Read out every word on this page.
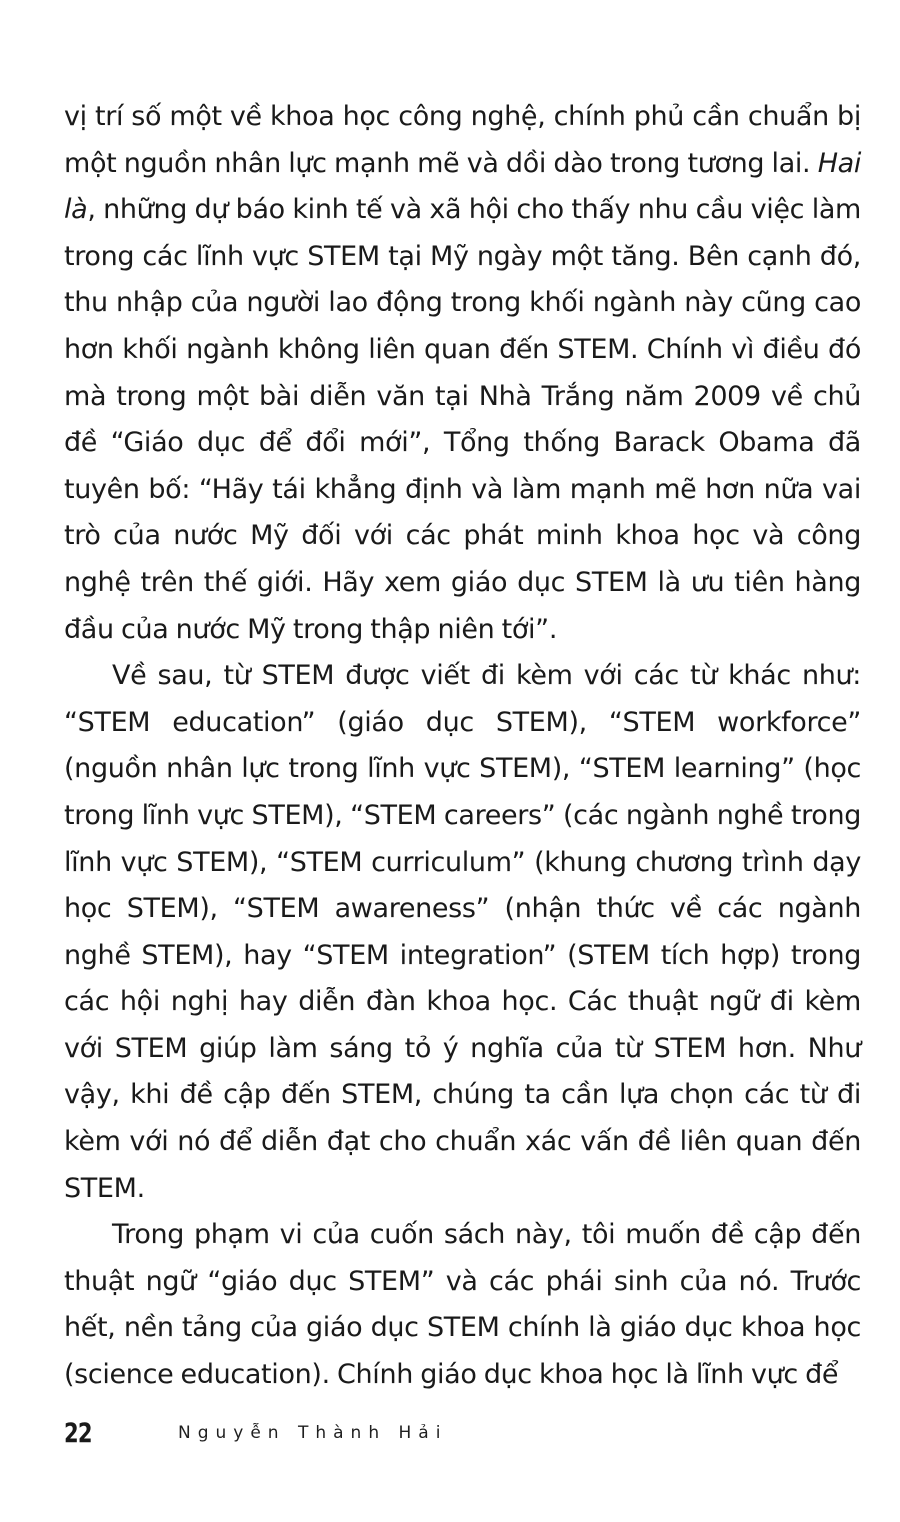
vị trí số một về khoa học công nghệ, chính phủ cần chuẩn bị một nguồn nhân lực mạnh mẽ và dồi dào trong tương lai. Hai là, những dự báo kinh tế và xã hội cho thấy nhu cầu việc làm trong các lĩnh vực STEM tại Mỹ ngày một tăng. Bên cạnh đó, thu nhập của người lao động trong khối ngành này cũng cao hơn khối ngành không liên quan đến STEM. Chính vì điều đó mà trong một bài diễn văn tại Nhà Trắng năm 2009 về chủ đề “Giáo dục để đổi mới”, Tổng thống Barack Obama đã tuyên bố: “Hãy tái khẳng định và làm mạnh mẽ hơn nữa vai trò của nước Mỹ đối với các phát minh khoa học và công nghệ trên thế giới. Hãy xem giáo dục STEM là ưu tiên hàng đầu của nước Mỹ trong thập niên tới”.

Về sau, từ STEM được viết đi kèm với các từ khác như: “STEM education” (giáo dục STEM), “STEM workforce” (nguồn nhân lực trong lĩnh vực STEM), “STEM learning” (học trong lĩnh vực STEM), “STEM careers” (các ngành nghề trong lĩnh vực STEM), “STEM curriculum” (khung chương trình dạy học STEM), “STEM awareness” (nhận thức về các ngành nghề STEM), hay “STEM integration” (STEM tích hợp) trong các hội nghị hay diễn đàn khoa học. Các thuật ngữ đi kèm với STEM giúp làm sáng tỏ ý nghĩa của từ STEM hơn. Như vậy, khi đề cập đến STEM, chúng ta cần lựa chọn các từ đi kèm với nó để diễn đạt cho chuẩn xác vấn đề liên quan đến STEM.

Trong phạm vi của cuốn sách này, tôi muốn đề cập đến thuật ngữ “giáo dục STEM” và các phái sinh của nó. Trước hết, nền tảng của giáo dục STEM chính là giáo dục khoa học (science education). Chính giáo dục khoa học là lĩnh vực để

22	Nguyễn Thành Hải
